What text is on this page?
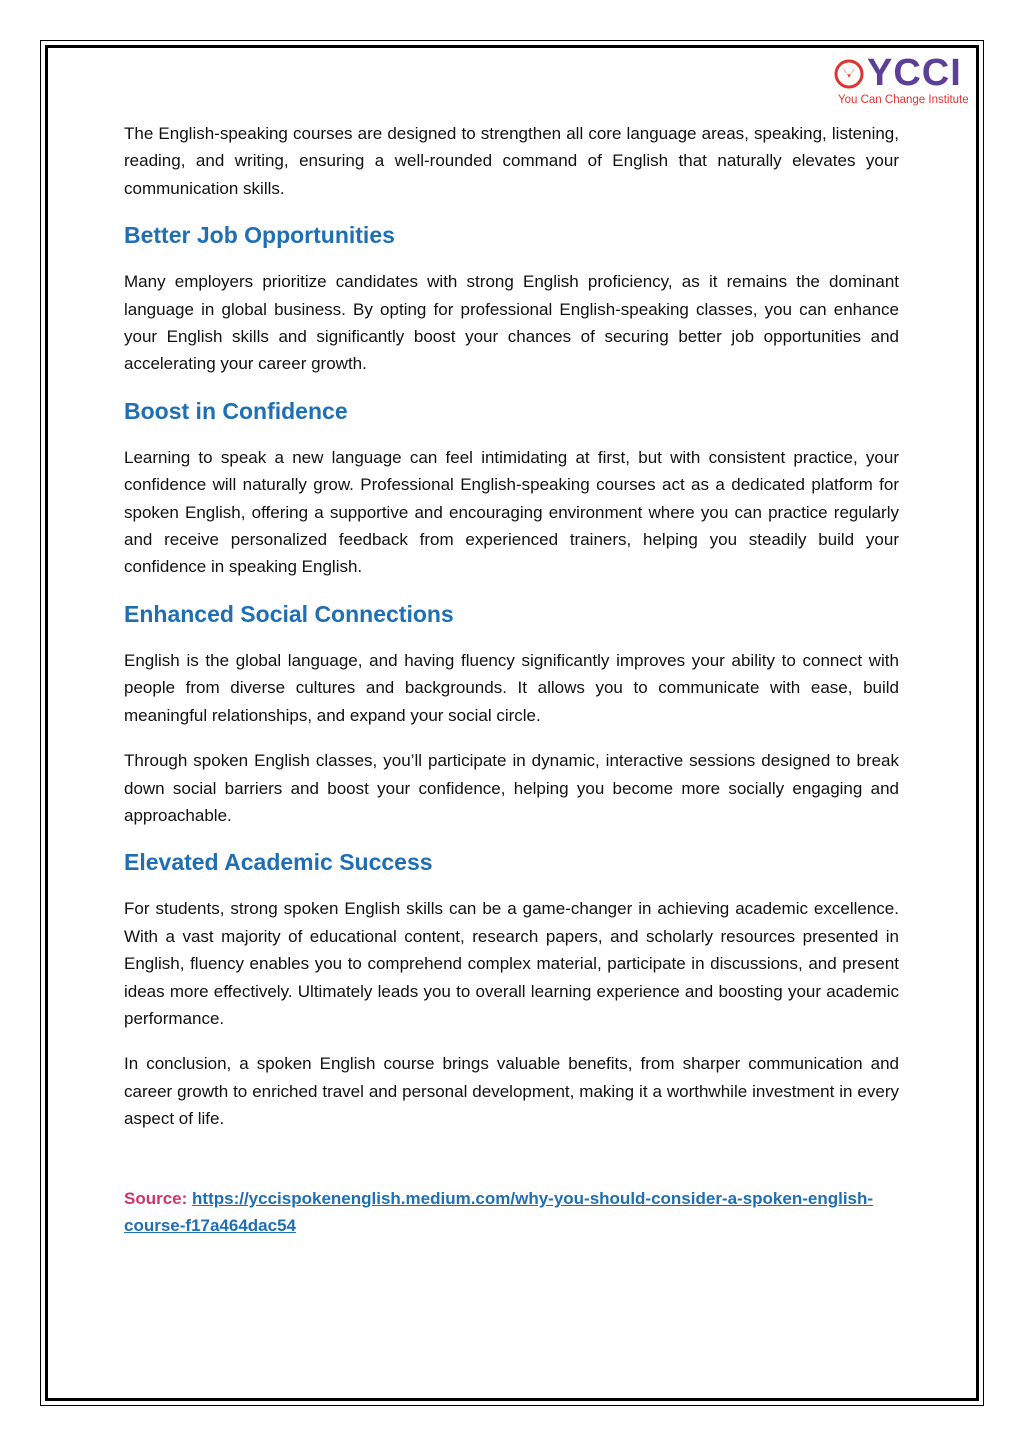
YCCI
You Can Change Institute

The English-speaking courses are designed to strengthen all core language areas, speaking, listening, reading, and writing, ensuring a well-rounded command of English that naturally elevates your communication skills.

Better Job Opportunities

Many employers prioritize candidates with strong English proficiency, as it remains the dominant language in global business. By opting for professional English-speaking classes, you can enhance your English skills and significantly boost your chances of securing better job opportunities and accelerating your career growth.

Boost in Confidence

Learning to speak a new language can feel intimidating at first, but with consistent practice, your confidence will naturally grow. Professional English-speaking courses act as a dedicated platform for spoken English, offering a supportive and encouraging environment where you can practice regularly and receive personalized feedback from experienced trainers, helping you steadily build your confidence in speaking English.

Enhanced Social Connections

English is the global language, and having fluency significantly improves your ability to connect with people from diverse cultures and backgrounds. It allows you to communicate with ease, build meaningful relationships, and expand your social circle.

Through spoken English classes, you’ll participate in dynamic, interactive sessions designed to break down social barriers and boost your confidence, helping you become more socially engaging and approachable.

Elevated Academic Success

For students, strong spoken English skills can be a game-changer in achieving academic excellence. With a vast majority of educational content, research papers, and scholarly resources presented in English, fluency enables you to comprehend complex material, participate in discussions, and present ideas more effectively. Ultimately leads you to overall learning experience and boosting your academic performance.

In conclusion, a spoken English course brings valuable benefits, from sharper communication and career growth to enriched travel and personal development, making it a worthwhile investment in every aspect of life.

Source: https://yccispokenenglish.medium.com/why-you-should-consider-a-spoken-english-course-f17a464dac54
